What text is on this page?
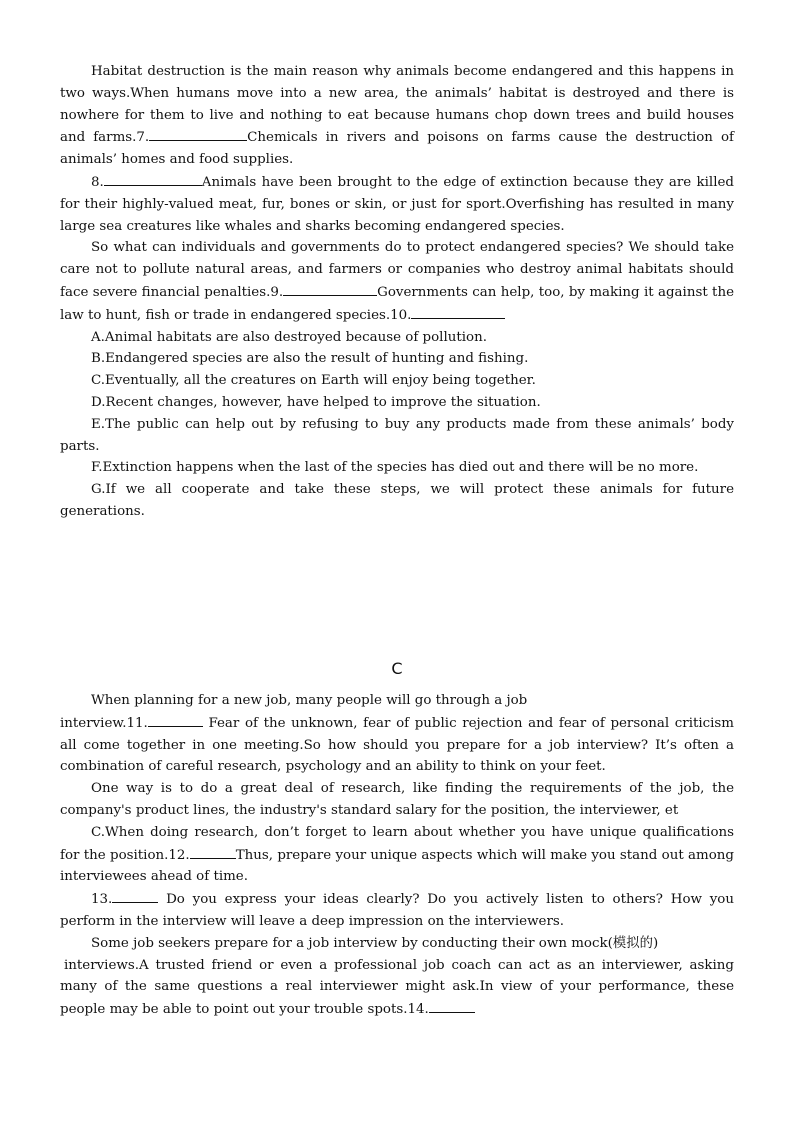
Habitat destruction is the main reason why animals become endangered and this happens in two ways.When humans move into a new area, the animals’ habitat is destroyed and there is nowhere for them to live and nothing to eat because humans chop down trees and build houses and farms.7.	Chemicals in rivers and poisons on farms cause the destruction of animals’ homes and food supplies.

8.	Animals have been brought to the edge of extinction because they are killed for their highly-valued meat, fur, bones or skin, or just for sport.Overfishing has resulted in many large sea creatures like whales and sharks becoming endangered species.

So what can individuals and governments do to protect endangered species? We should take care not to pollute natural areas, and farmers or companies who destroy animal habitats should face severe financial penalties.9.	Governments can help, too, by making it against the law to hunt, fish or trade in endangered species.10.

A.Animal habitats are also destroyed because of pollution.

B.Endangered species are also the result of hunting and fishing.

C.Eventually, all the creatures on Earth will enjoy being together.

D.Recent changes, however, have helped to improve the situation.

E.The public can help out by refusing to buy any products made from these animals’ body parts.

F.Extinction happens when the last of the species has died out and there will be no more.

G.If we all cooperate and take these steps, we will protect these animals for future generations.

C

When planning for a new job, many people will go through a job

interview.11.	Fear of the unknown, fear of public rejection and fear of personal criticism all come together in one meeting.So how should you prepare for a job interview? It’s often a combination of careful research, psychology and an ability to think on your feet.

One way is to do a great deal of research, like finding the requirements of the job, the company's product lines, the industry's standard salary for the position, the interviewer, et

C.When doing research, don’t forget to learn about whether you have unique qualifications for the position.12.	Thus, prepare your unique aspects which will make you stand out among interviewees ahead of time.

13.	Do you express your ideas clearly? Do you actively listen to others? How you perform in the interview will leave a deep impression on the interviewers.

Some job seekers prepare for a job interview by conducting their own mock(模拟的)

interviews.A trusted friend or even a professional job coach can act as an interviewer, asking many of the same questions a real interviewer might ask.In view of your performance, these people may be able to point out your trouble spots.14.
